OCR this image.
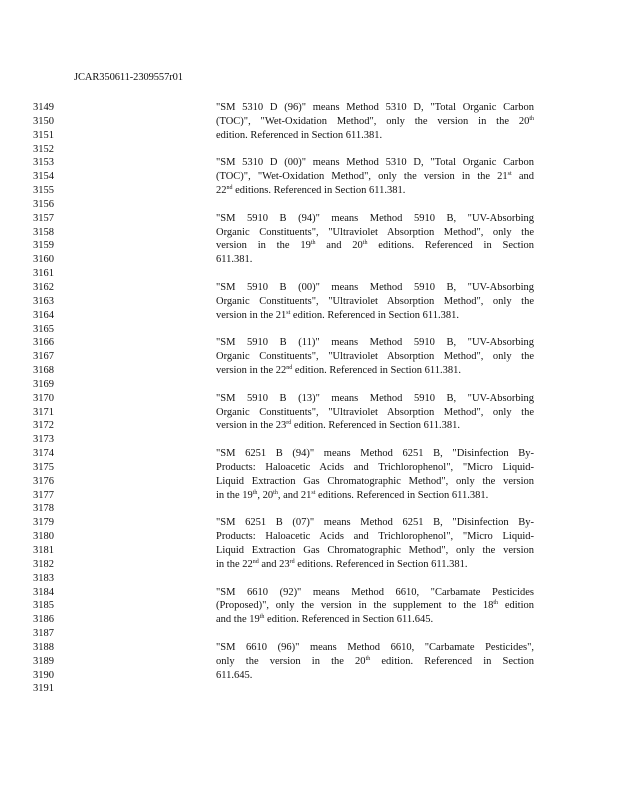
JCAR350611-2309557r01
3149
3150
3151
3152
3153
3154
3155
3156
3157
3158
3159
3160
3161
3162
3163
3164
3165
3166
3167
3168
3169
3170
3171
3172
3173
3174
3175
3176
3177
3178
3179
3180
3181
3182
3183
3184
3185
3186
3187
3188
3189
3190
3191
"SM 5310 D (96)" means Method 5310 D, "Total Organic Carbon
(TOC)", "Wet-Oxidation Method", only the version in the 20th
edition. Referenced in Section 611.381.
"SM 5310 D (00)" means Method 5310 D, "Total Organic Carbon
(TOC)", "Wet-Oxidation Method", only the version in the 21st and
22nd editions. Referenced in Section 611.381.
"SM 5910 B (94)" means Method 5910 B, "UV-Absorbing
Organic Constituents", "Ultraviolet Absorption Method", only the
version in the 19th and 20th editions. Referenced in Section
611.381.
"SM 5910 B (00)" means Method 5910 B, "UV-Absorbing
Organic Constituents", "Ultraviolet Absorption Method", only the
version in the 21st edition. Referenced in Section 611.381.
"SM 5910 B (11)" means Method 5910 B, "UV-Absorbing
Organic Constituents", "Ultraviolet Absorption Method", only the
version in the 22nd edition. Referenced in Section 611.381.
"SM 5910 B (13)" means Method 5910 B, "UV-Absorbing
Organic Constituents", "Ultraviolet Absorption Method", only the
version in the 23rd edition. Referenced in Section 611.381.
"SM 6251 B (94)" means Method 6251 B, "Disinfection By-
Products: Haloacetic Acids and Trichlorophenol", "Micro Liquid-
Liquid Extraction Gas Chromatographic Method", only the version
in the 19th, 20th, and 21st editions. Referenced in Section 611.381.
"SM 6251 B (07)" means Method 6251 B, "Disinfection By-
Products: Haloacetic Acids and Trichlorophenol", "Micro Liquid-
Liquid Extraction Gas Chromatographic Method", only the version
in the 22nd and 23rd editions. Referenced in Section 611.381.
"SM 6610 (92)" means Method 6610, "Carbamate Pesticides
(Proposed)", only the version in the supplement to the 18th edition
and the 19th edition. Referenced in Section 611.645.
"SM 6610 (96)" means Method 6610, "Carbamate Pesticides",
only the version in the 20th edition. Referenced in Section
611.645.
